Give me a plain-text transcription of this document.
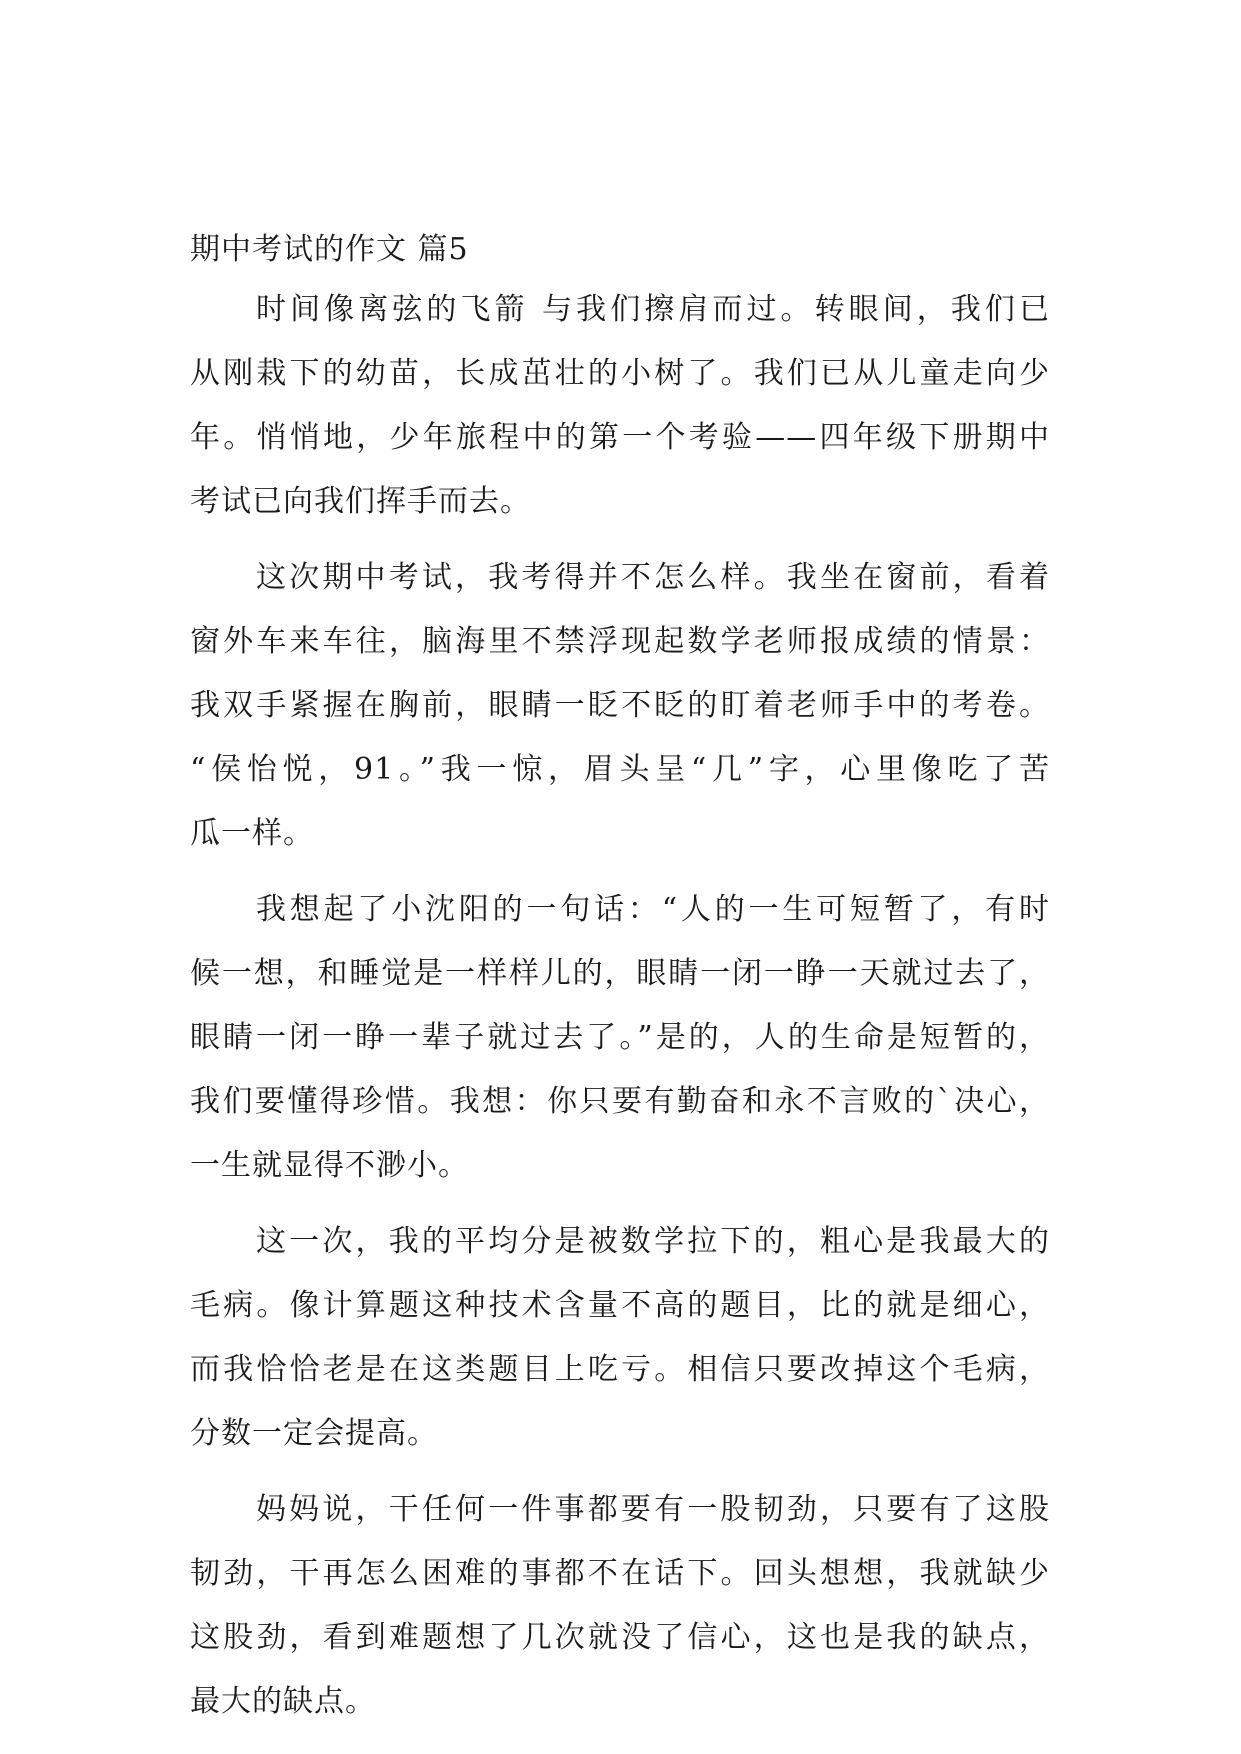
期中考试的作文 篇5
时间像离弦的飞箭 与我们擦肩而过。转眼间，我们已
从刚栽下的幼苗，长成茁壮的小树了。我们已从儿童走向少
年。悄悄地，少年旅程中的第一个考验——四年级下册期中
考试已向我们挥手而去。
这次期中考试，我考得并不怎么样。我坐在窗前，看着
窗外车来车往，脑海里不禁浮现起数学老师报成绩的情景：
我双手紧握在胸前，眼睛一眨不眨的盯着老师手中的考卷。
“侯怡悦，91。”我一惊，眉头呈“几”字，心里像吃了苦
瓜一样。
我想起了小沈阳的一句话：“人的一生可短暂了，有时
候一想，和睡觉是一样样儿的，眼睛一闭一睁一天就过去了，
眼睛一闭一睁一辈子就过去了。”是的，人的生命是短暂的，
我们要懂得珍惜。我想：你只要有勤奋和永不言败的`决心，
一生就显得不渺小。
这一次，我的平均分是被数学拉下的，粗心是我最大的
毛病。像计算题这种技术含量不高的题目，比的就是细心，
而我恰恰老是在这类题目上吃亏。相信只要改掉这个毛病，
分数一定会提高。
妈妈说，干任何一件事都要有一股韧劲，只要有了这股
韧劲，干再怎么困难的事都不在话下。回头想想，我就缺少
这股劲，看到难题想了几次就没了信心，这也是我的缺点，
最大的缺点。
